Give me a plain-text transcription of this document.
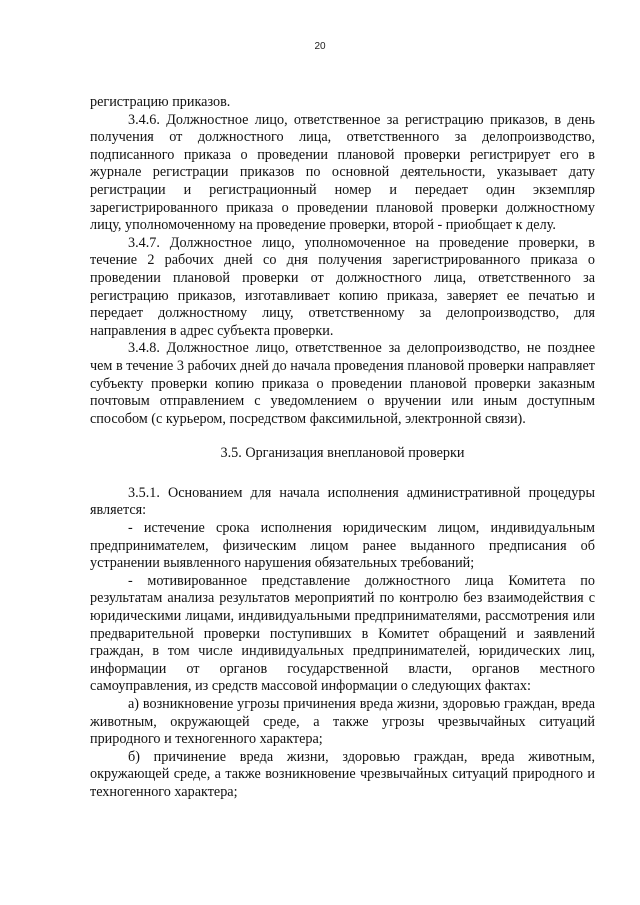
20

регистрацию приказов.

3.4.6. Должностное лицо, ответственное за регистрацию приказов, в день получения от должностного лица, ответственного за делопроизводство, подписанного приказа о проведении плановой проверки регистрирует его в журнале регистрации приказов по основной деятельности, указывает дату регистрации и регистрационный номер и передает один экземпляр зарегистрированного приказа о проведении плановой проверки должностному лицу, уполномоченному на проведение проверки, второй - приобщает к делу.

3.4.7. Должностное лицо, уполномоченное на проведение проверки, в течение 2 рабочих дней со дня получения зарегистрированного приказа о проведении плановой проверки от должностного лица, ответственного за регистрацию приказов, изготавливает копию приказа, заверяет ее печатью и передает должностному лицу, ответственному за делопроизводство, для направления в адрес субъекта проверки.

3.4.8. Должностное лицо, ответственное за делопроизводство, не позднее чем в течение 3 рабочих дней до начала проведения плановой проверки направляет субъекту проверки копию приказа о проведении плановой проверки заказным почтовым отправлением с уведомлением о вручении или иным доступным способом (с курьером, посредством факсимильной, электронной связи).

3.5. Организация внеплановой проверки

3.5.1. Основанием для начала исполнения административной процедуры является:

- истечение срока исполнения юридическим лицом, индивидуальным предпринимателем, физическим лицом ранее выданного предписания об устранении выявленного нарушения обязательных требований;

- мотивированное представление должностного лица Комитета по результатам анализа результатов мероприятий по контролю без взаимодействия с юридическими лицами, индивидуальными предпринимателями, рассмотрения или предварительной проверки поступивших в Комитет обращений и заявлений граждан, в том числе индивидуальных предпринимателей, юридических лиц, информации от органов государственной власти, органов местного самоуправления, из средств массовой информации о следующих фактах:

а) возникновение угрозы причинения вреда жизни, здоровью граждан, вреда животным, окружающей среде, а также угрозы чрезвычайных ситуаций природного и техногенного характера;

б) причинение вреда жизни, здоровью граждан, вреда животным, окружающей среде, а также возникновение чрезвычайных ситуаций природного и техногенного характера;
